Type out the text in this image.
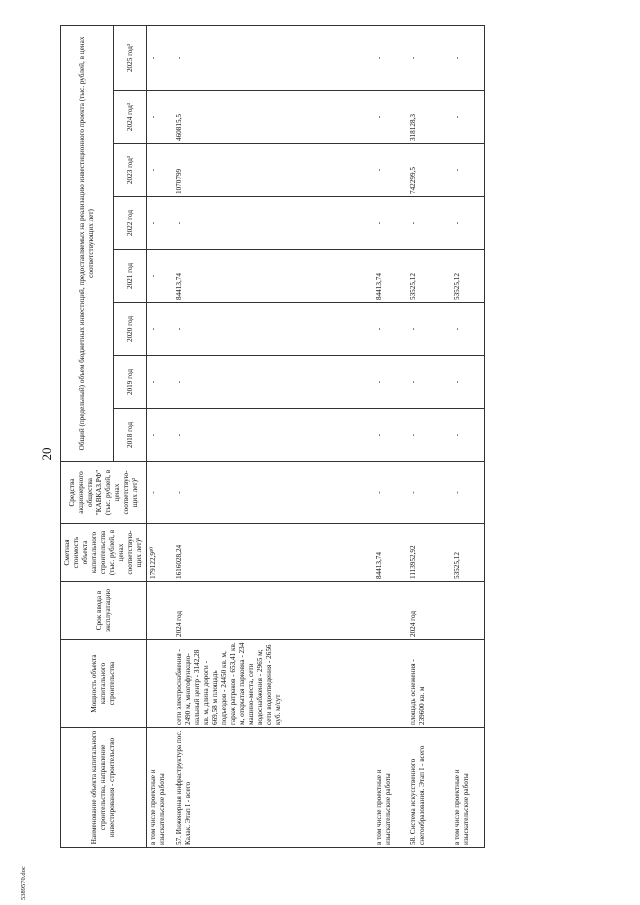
20
Наименование объекта капитального строительства, направление инвестирования - строительство	Мощность объекта капитального строительства	Срок ввода в эксплуатацию	Сметная стоимость объекта капитального строительства (тыс. рублей, в ценах соответствую- щих лет)¹	Средства акционерного общества "КАВКАЗ.РФ" (тыс. рублей, в ценах соответствую- щих лет)²	Общий (предельный) объем бюджетных инвестиций, предоставляемых на реализацию инвестиционного проекта (тыс. рублей, в ценах соответствующих лет)							
					2018 год	2019 год	2020 год	2021 год	2022 год	2023 год³	2024 год³	2025 год³
в том числе проектные и изыскательские работы			179122,9¹⁰	-	-	-	-	-	-	-	-	-
57. Инженерная инфраструктура пос. Калак. Этап I - всего	сети электроснабжения - 2490 м, многофункцио- нальный центр - 3142,28 кв. м, длина дороги - 669,58 м площадь подъездов - 24450 кв. м, гараж ратраков - 653,41 кв. м, открытая парковка - 234 машино-места, сети водоснабжения - 2965 м; сети водоотведения - 2656 куб. м/сут	2024 год	1616028,24	-	-	-	-	84413,74	-	1070799	460815,5	-
в том числе проектные и изыскательские работы			84413,74	-	-	-	-	84413,74	-	-	-	-
58. Система искусственного снегообразования. Этап I - всего	площадь оснежения - 239600 кв. м	2024 год	1113952,92	-	-	-	-	53525,12	-	742299,5	318128,3	-
в том числе проектные и изыскательские работы			53525,12	-	-	-	-	53525,12	-	-	-	-
5389570.doc
